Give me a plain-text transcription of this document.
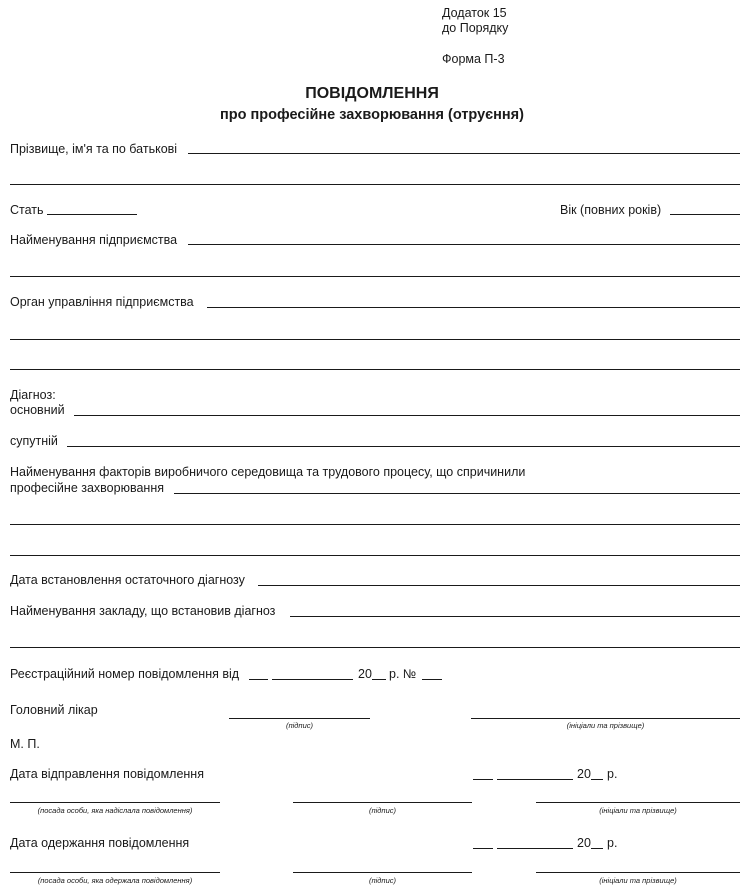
Додаток 15
до Порядку
Форма П-3
ПОВІДОМЛЕННЯ
про професійне захворювання (отруєння)
Прізвище, ім'я та по батькові
Стать	Вік (повних років)
Найменування підприємства
Орган управління підприємства
Діагноз:
основний
супутній
Найменування факторів виробничого середовища та трудового процесу, що спричинили
професійне захворювання
Дата встановлення остаточного діагнозу
Найменування закладу, що встановив діагноз
Реєстраційний номер повідомлення від	20 р. №
Головний лікар
(підпис)	(ініціали та прізвище)
М. П.
Дата відправлення повідомлення	20 р.
(посада особи, яка надіслала повідомлення)	(підпис)	(ініціали та прізвище)
Дата одержання повідомлення	20 р.
(посада особи, яка одержала повідомлення)	(підпис)	(ініціали та прізвище)
